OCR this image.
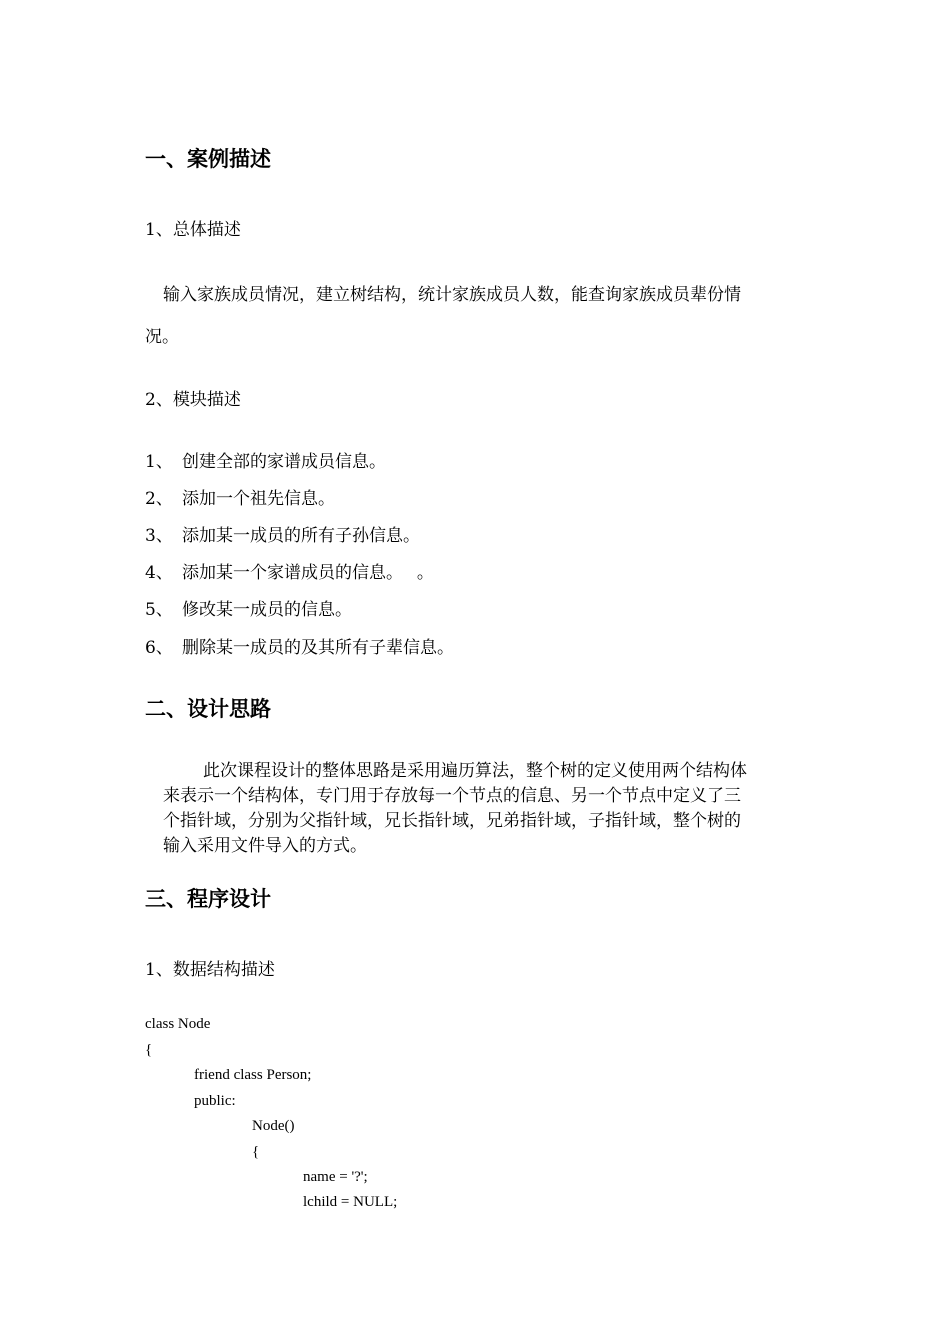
一、案例描述
1、总体描述
输入家族成员情况，建立树结构，统计家族成员人数，能查询家族成员辈份情
况。
2、模块描述
1、 创建全部的家谱成员信息。
2、 添加一个祖先信息。
3、 添加某一成员的所有子孙信息。
4、 添加某一个家谱成员的信息。　 。
5、 修改某一成员的信息。
6、 删除某一成员的及其所有子辈信息。
二、设计思路
此次课程设计的整体思路是采用遍历算法，整个树的定义使用两个结构体
来表示一个结构体，专门用于存放每一个节点的信息、另一个节点中定义了三
个指针域，分别为父指针域，兄长指针域，兄弟指针域，子指针域，整个树的
输入采用文件导入的方式。
三、程序设计
1、数据结构描述
class Node
{
friend class Person;
public:
Node()
{
name = '?';
lchild = NULL;
